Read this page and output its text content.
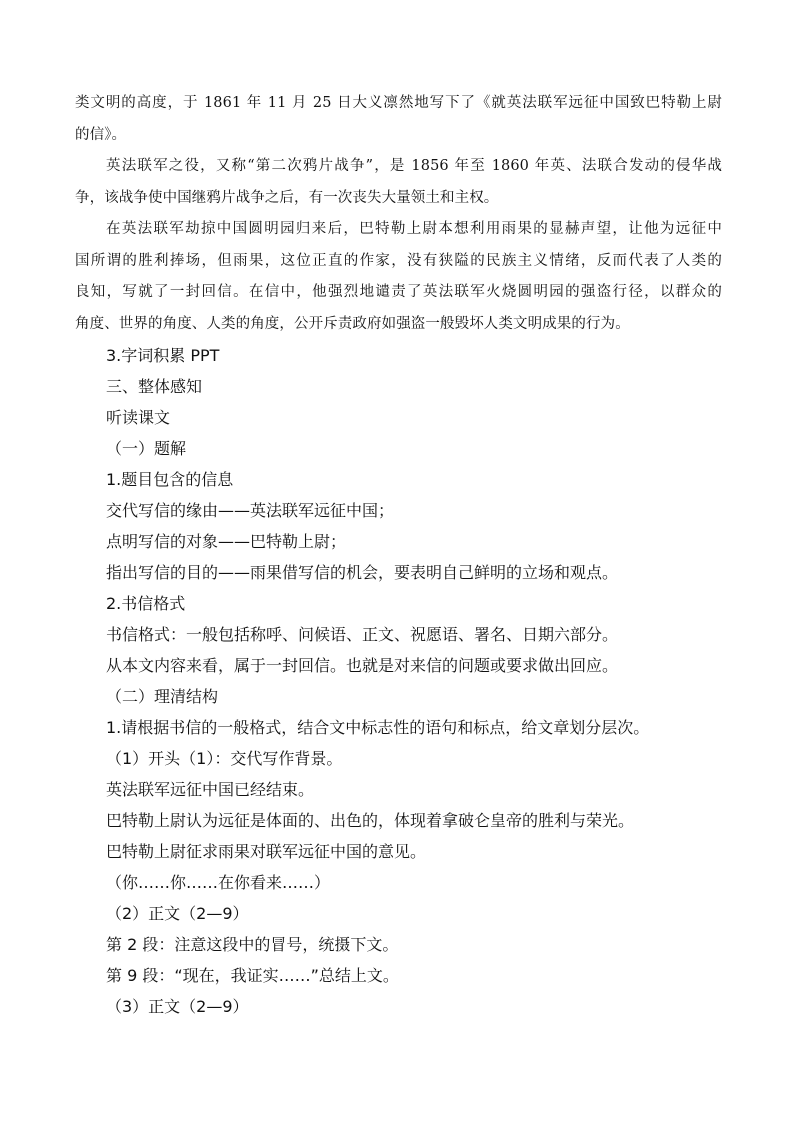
类文明的高度，于 1861 年 11 月 25 日大义凛然地写下了《就英法联军远征中国致巴特勒上尉
的信》。
英法联军之役，又称“第二次鸦片战争”，是 1856 年至 1860 年英、法联合发动的侵华战
争，该战争使中国继鸦片战争之后，有一次丧失大量领土和主权。
在英法联军劫掠中国圆明园归来后，巴特勒上尉本想利用雨果的显赫声望，让他为远征中
国所谓的胜利捧场，但雨果，这位正直的作家，没有狭隘的民族主义情绪，反而代表了人类的
良知，写就了一封回信。在信中，他强烈地谴责了英法联军火烧圆明园的强盗行径，以群众的
角度、世界的角度、人类的角度，公开斥责政府如强盗一般毁坏人类文明成果的行为。
3.字词积累 PPT
三、整体感知
听读课文
（一）题解
1.题目包含的信息
交代写信的缘由——英法联军远征中国；
点明写信的对象——巴特勒上尉；
指出写信的目的——雨果借写信的机会，要表明自己鲜明的立场和观点。
2.书信格式
书信格式：一般包括称呼、问候语、正文、祝愿语、署名、日期六部分。
从本文内容来看，属于一封回信。也就是对来信的问题或要求做出回应。
（二）理清结构
1.请根据书信的一般格式，结合文中标志性的语句和标点，给文章划分层次。
（1）开头（1）：交代写作背景。
英法联军远征中国已经结束。
巴特勒上尉认为远征是体面的、出色的，体现着拿破仑皇帝的胜利与荣光。
巴特勒上尉征求雨果对联军远征中国的意见。
（你……你……在你看来……）
（2）正文（2—9）
第 2 段：注意这段中的冒号，统摄下文。
第 9 段：“现在，我证实……”总结上文。
（3）正文（2—9）
